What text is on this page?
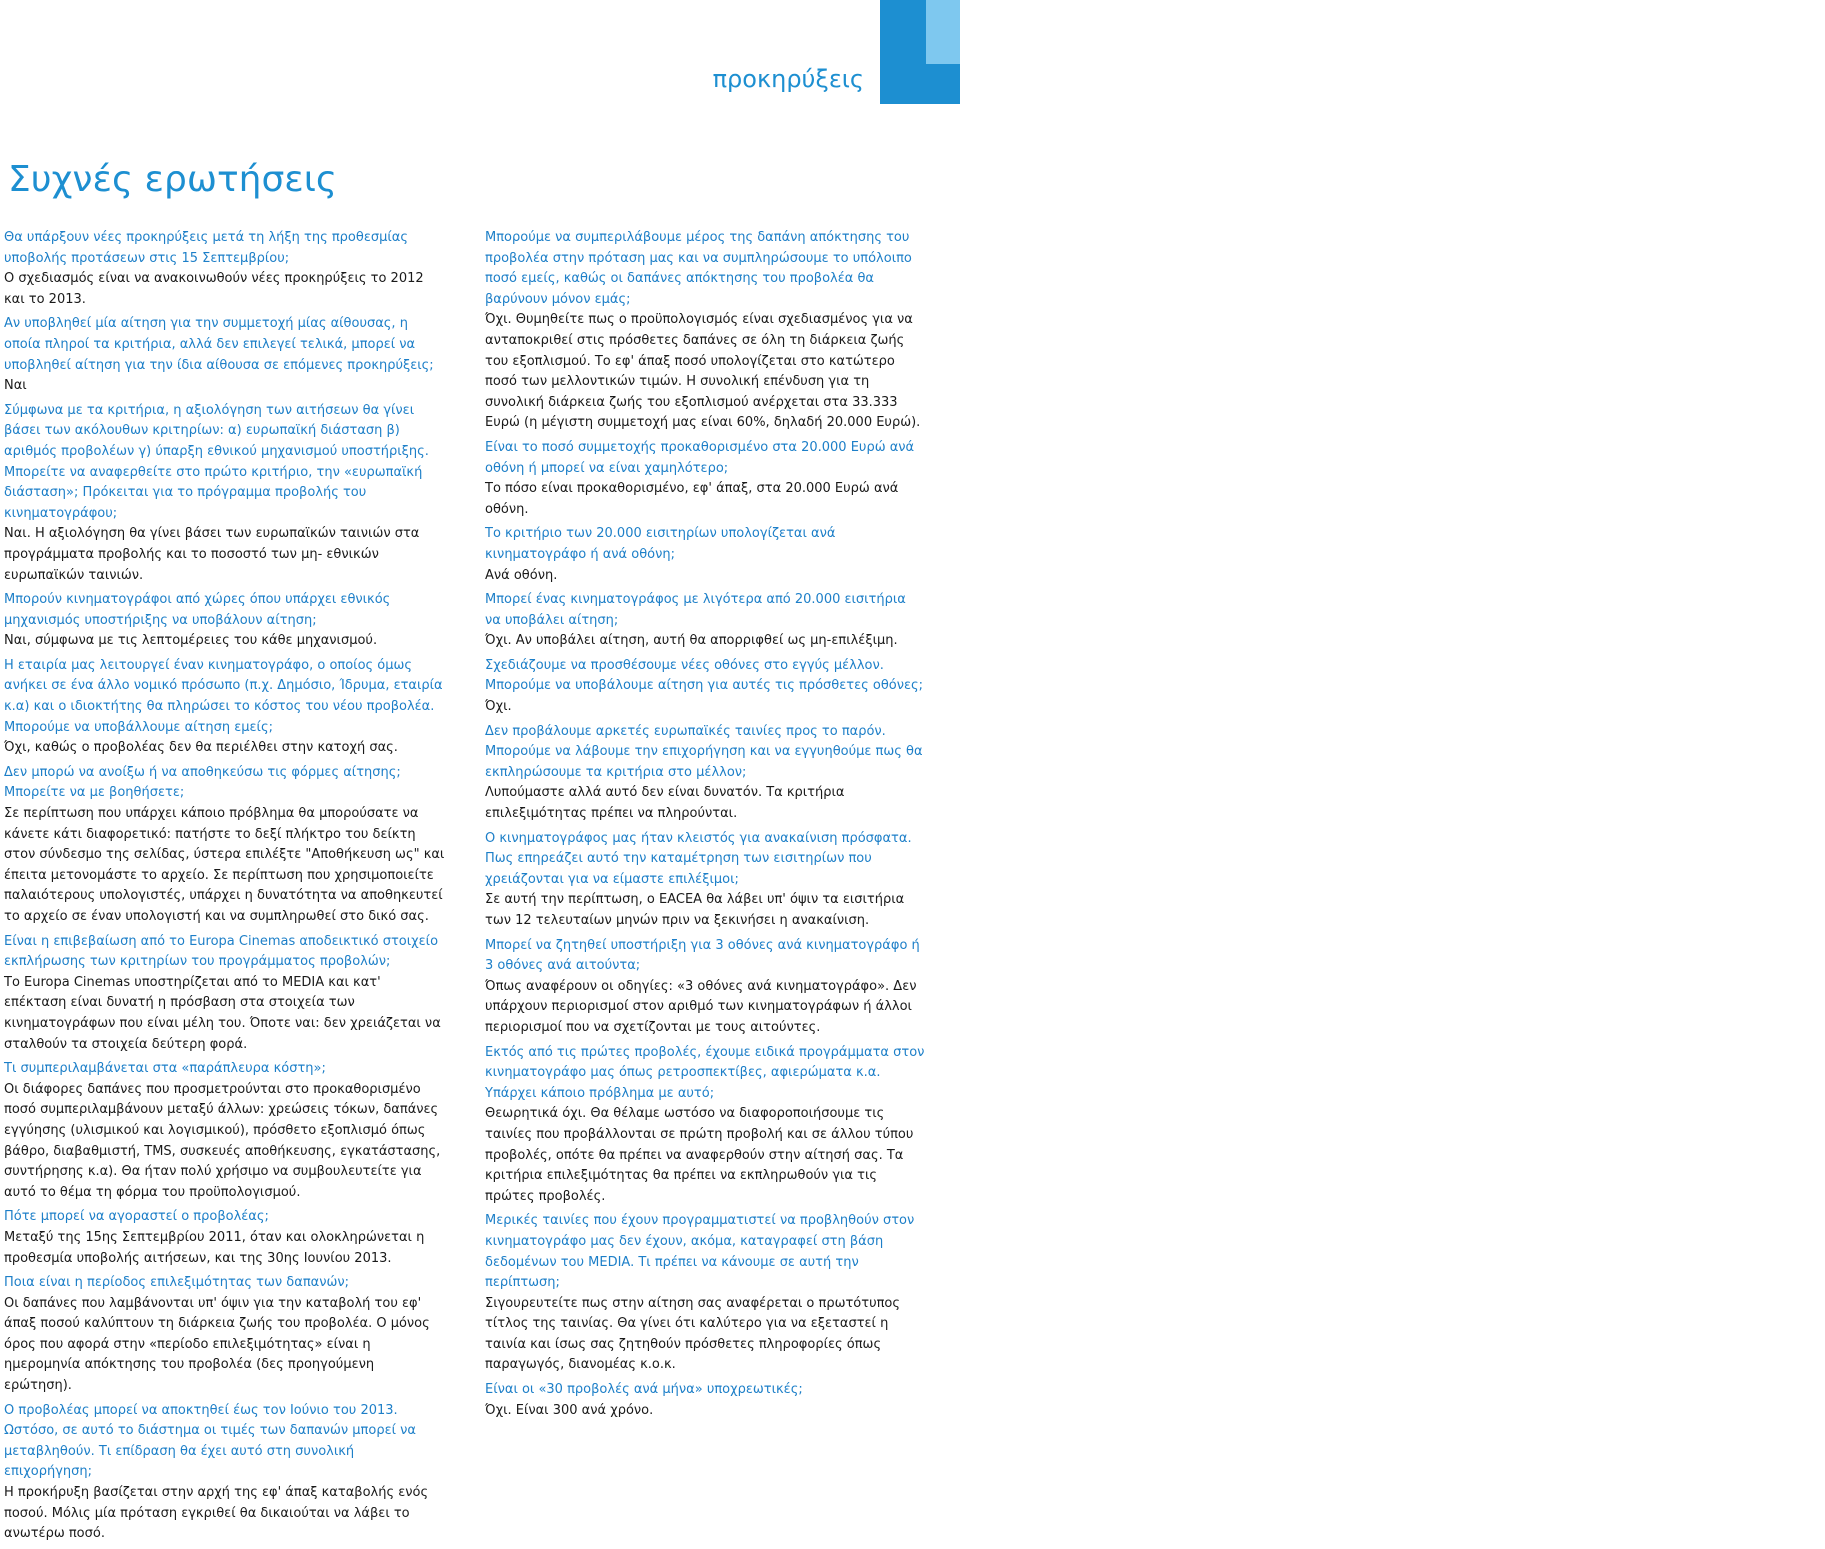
8
προκηρύξεις
Συχνές ερωτήσεις
Θα υπάρξουν νέες προκηρύξεις μετά τη λήξη της προθεσμίας υποβολής προτάσεων στις 15 Σεπτεμβρίου;
Ο σχεδιασμός είναι να ανακοινωθούν νέες προκηρύξεις το 2012 και το 2013.
Αν υποβληθεί μία αίτηση για την συμμετοχή μίας αίθουσας, η οποία πληροί τα κριτήρια, αλλά δεν επιλεγεί τελικά, μπορεί να υποβληθεί αίτηση για την ίδια αίθουσα σε επόμενες προκηρύξεις;
Ναι
Σύμφωνα με τα κριτήρια, η αξιολόγηση των αιτήσεων θα γίνει βάσει των ακόλουθων κριτηρίων: α) ευρωπαϊκή διάσταση β) αριθμός προβολέων γ) ύπαρξη εθνικού μηχανισμού υποστήριξης. Μπορείτε να αναφερθείτε στο πρώτο κριτήριο, την «ευρωπαϊκή διάσταση»; Πρόκειται για το πρόγραμμα προβολής του κινηματογράφου;
Ναι. Η αξιολόγηση θα γίνει βάσει των ευρωπαϊκών ταινιών στα προγράμματα προβολής και το ποσοστό των μη- εθνικών ευρωπαϊκών ταινιών.
Μπορούν κινηματογράφοι από χώρες όπου υπάρχει εθνικός μηχανισμός υποστήριξης να υποβάλουν αίτηση;
Ναι, σύμφωνα με τις λεπτομέρειες του κάθε μηχανισμού.
Η εταιρία μας λειτουργεί έναν κινηματογράφο, ο οποίος όμως ανήκει σε ένα άλλο νομικό πρόσωπο (π.χ. Δημόσιο, Ίδρυμα, εταιρία κ.α) και ο ιδιοκτήτης θα πληρώσει το κόστος του νέου προβολέα. Μπορούμε να υποβάλλουμε αίτηση εμείς;
Όχι, καθώς ο προβολέας δεν θα περιέλθει στην κατοχή σας.
Δεν μπορώ να ανοίξω ή να αποθηκεύσω τις φόρμες αίτησης; Μπορείτε να με βοηθήσετε;
Σε περίπτωση που υπάρχει κάποιο πρόβλημα θα μπορούσατε να κάνετε κάτι διαφορετικό: πατήστε το δεξί πλήκτρο του δείκτη στον σύνδεσμο της σελίδας, ύστερα επιλέξτε "Αποθήκευση ως" και έπειτα μετονομάστε το αρχείο. Σε περίπτωση που χρησιμοποιείτε παλαιότερους υπολογιστές, υπάρχει η δυνατότητα να αποθηκευτεί το αρχείο σε έναν υπολογιστή και να συμπληρωθεί στο δικό σας.
Είναι η επιβεβαίωση από το Europa Cinemas αποδεικτικό στοιχείο εκπλήρωσης των κριτηρίων του προγράμματος προβολών;
Το Europa Cinemas υποστηρίζεται από το MEDIA και κατ' επέκταση είναι δυνατή η πρόσβαση στα στοιχεία των κινηματογράφων που είναι μέλη του. Όποτε ναι: δεν χρειάζεται να σταλθούν τα στοιχεία δεύτερη φορά.
Τι συμπεριλαμβάνεται στα «παράπλευρα κόστη»;
Οι διάφορες δαπάνες που προσμετρούνται στο προκαθορισμένο ποσό συμπεριλαμβάνουν μεταξύ άλλων: χρεώσεις τόκων, δαπάνες εγγύησης (υλισμικού και λογισμικού), πρόσθετο εξοπλισμό όπως βάθρο, διαβαθμιστή, TMS, συσκευές αποθήκευσης, εγκατάστασης, συντήρησης κ.α). Θα ήταν πολύ χρήσιμο να συμβουλευτείτε για αυτό το θέμα τη φόρμα του προϋπολογισμού.
Πότε μπορεί να αγοραστεί ο προβολέας;
Μεταξύ της 15ης Σεπτεμβρίου 2011, όταν και ολοκληρώνεται η προθεσμία υποβολής αιτήσεων, και της 30ης Ιουνίου 2013.
Ποια είναι η περίοδος επιλεξιμότητας των δαπανών;
Οι δαπάνες που λαμβάνονται υπ' όψιν για την καταβολή του εφ' άπαξ ποσού καλύπτουν τη διάρκεια ζωής του προβολέα. Ο μόνος όρος που αφορά στην «περίοδο επιλεξιμότητας» είναι η ημερομηνία απόκτησης του προβολέα (δες προηγούμενη ερώτηση).
Ο προβολέας μπορεί να αποκτηθεί έως τον Ιούνιο του 2013. Ωστόσο, σε αυτό το διάστημα οι τιμές των δαπανών μπορεί να μεταβληθούν. Τι επίδραση θα έχει αυτό στη συνολική επιχορήγηση;
Η προκήρυξη βασίζεται στην αρχή της εφ' άπαξ καταβολής ενός ποσού. Μόλις μία πρόταση εγκριθεί θα δικαιούται να λάβει το ανωτέρω ποσό.
Μπορούμε να συμπεριλάβουμε μέρος της δαπάνη απόκτησης του προβολέα στην πρόταση μας και να συμπληρώσουμε το υπόλοιπο ποσό εμείς, καθώς οι δαπάνες απόκτησης του προβολέα θα βαρύνουν μόνον εμάς;
Όχι. Θυμηθείτε πως ο προϋπολογισμός είναι σχεδιασμένος για να ανταποκριθεί στις πρόσθετες δαπάνες σε όλη τη διάρκεια ζωής του εξοπλισμού. Το εφ' άπαξ ποσό υπολογίζεται στο κατώτερο ποσό των μελλοντικών τιμών. Η συνολική επένδυση για τη συνολική διάρκεια ζωής του εξοπλισμού ανέρχεται στα 33.333 Ευρώ (η μέγιστη συμμετοχή μας είναι 60%, δηλαδή 20.000 Ευρώ).
Είναι το ποσό συμμετοχής προκαθορισμένο στα 20.000 Ευρώ ανά οθόνη ή μπορεί να είναι χαμηλότερο;
Το πόσο είναι προκαθορισμένο, εφ' άπαξ, στα 20.000 Ευρώ ανά οθόνη.
Το κριτήριο των 20.000 εισιτηρίων υπολογίζεται ανά κινηματογράφο ή ανά οθόνη;
Ανά οθόνη.
Μπορεί ένας κινηματογράφος με λιγότερα από 20.000 εισιτήρια να υποβάλει αίτηση;
Όχι. Αν υποβάλει αίτηση, αυτή θα απορριφθεί ως μη-επιλέξιμη.
Σχεδιάζουμε να προσθέσουμε νέες οθόνες στο εγγύς μέλλον. Μπορούμε να υποβάλουμε αίτηση για αυτές τις πρόσθετες οθόνες;
Όχι.
Δεν προβάλουμε αρκετές ευρωπαϊκές ταινίες προς το παρόν. Μπορούμε να λάβουμε την επιχορήγηση και να εγγυηθούμε πως θα εκπληρώσουμε τα κριτήρια στο μέλλον;
Λυπούμαστε αλλά αυτό δεν είναι δυνατόν. Τα κριτήρια επιλεξιμότητας πρέπει να πληρούνται.
Ο κινηματογράφος μας ήταν κλειστός για ανακαίνιση πρόσφατα. Πως επηρεάζει αυτό την καταμέτρηση των εισιτηρίων που χρειάζονται για να είμαστε επιλέξιμοι;
Σε αυτή την περίπτωση, ο EACEA θα λάβει υπ' όψιν τα εισιτήρια των 12 τελευταίων μηνών πριν να ξεκινήσει η ανακαίνιση.
Μπορεί να ζητηθεί υποστήριξη για 3 οθόνες ανά κινηματογράφο ή 3 οθόνες ανά αιτούντα;
Όπως αναφέρουν οι οδηγίες: «3 οθόνες ανά κινηματογράφο». Δεν υπάρχουν περιορισμοί στον αριθμό των κινηματογράφων ή άλλοι περιορισμοί που να σχετίζονται με τους αιτούντες.
Εκτός από τις πρώτες προβολές, έχουμε ειδικά προγράμματα στον κινηματογράφο μας όπως ρετροσπεκτίβες, αφιερώματα κ.α. Υπάρχει κάποιο πρόβλημα με αυτό;
Θεωρητικά όχι. Θα θέλαμε ωστόσο να διαφοροποιήσουμε τις ταινίες που προβάλλονται σε πρώτη προβολή και σε άλλου τύπου προβολές, οπότε θα πρέπει να αναφερθούν στην αίτησή σας. Τα κριτήρια επιλεξιμότητας θα πρέπει να εκπληρωθούν για τις πρώτες προβολές.
Μερικές ταινίες που έχουν προγραμματιστεί να προβληθούν στον κινηματογράφο μας δεν έχουν, ακόμα, καταγραφεί στη βάση δεδομένων του MEDIA. Τι πρέπει να κάνουμε σε αυτή την περίπτωση;
Σιγουρευτείτε πως στην αίτηση σας αναφέρεται ο πρωτότυπος τίτλος της ταινίας. Θα γίνει ότι καλύτερο για να εξεταστεί η ταινία και ίσως σας ζητηθούν πρόσθετες πληροφορίες όπως παραγωγός, διανομέας κ.ο.κ.
Είναι οι «30 προβολές ανά μήνα» υποχρεωτικές;
Όχι. Είναι 300 ανά χρόνο.
